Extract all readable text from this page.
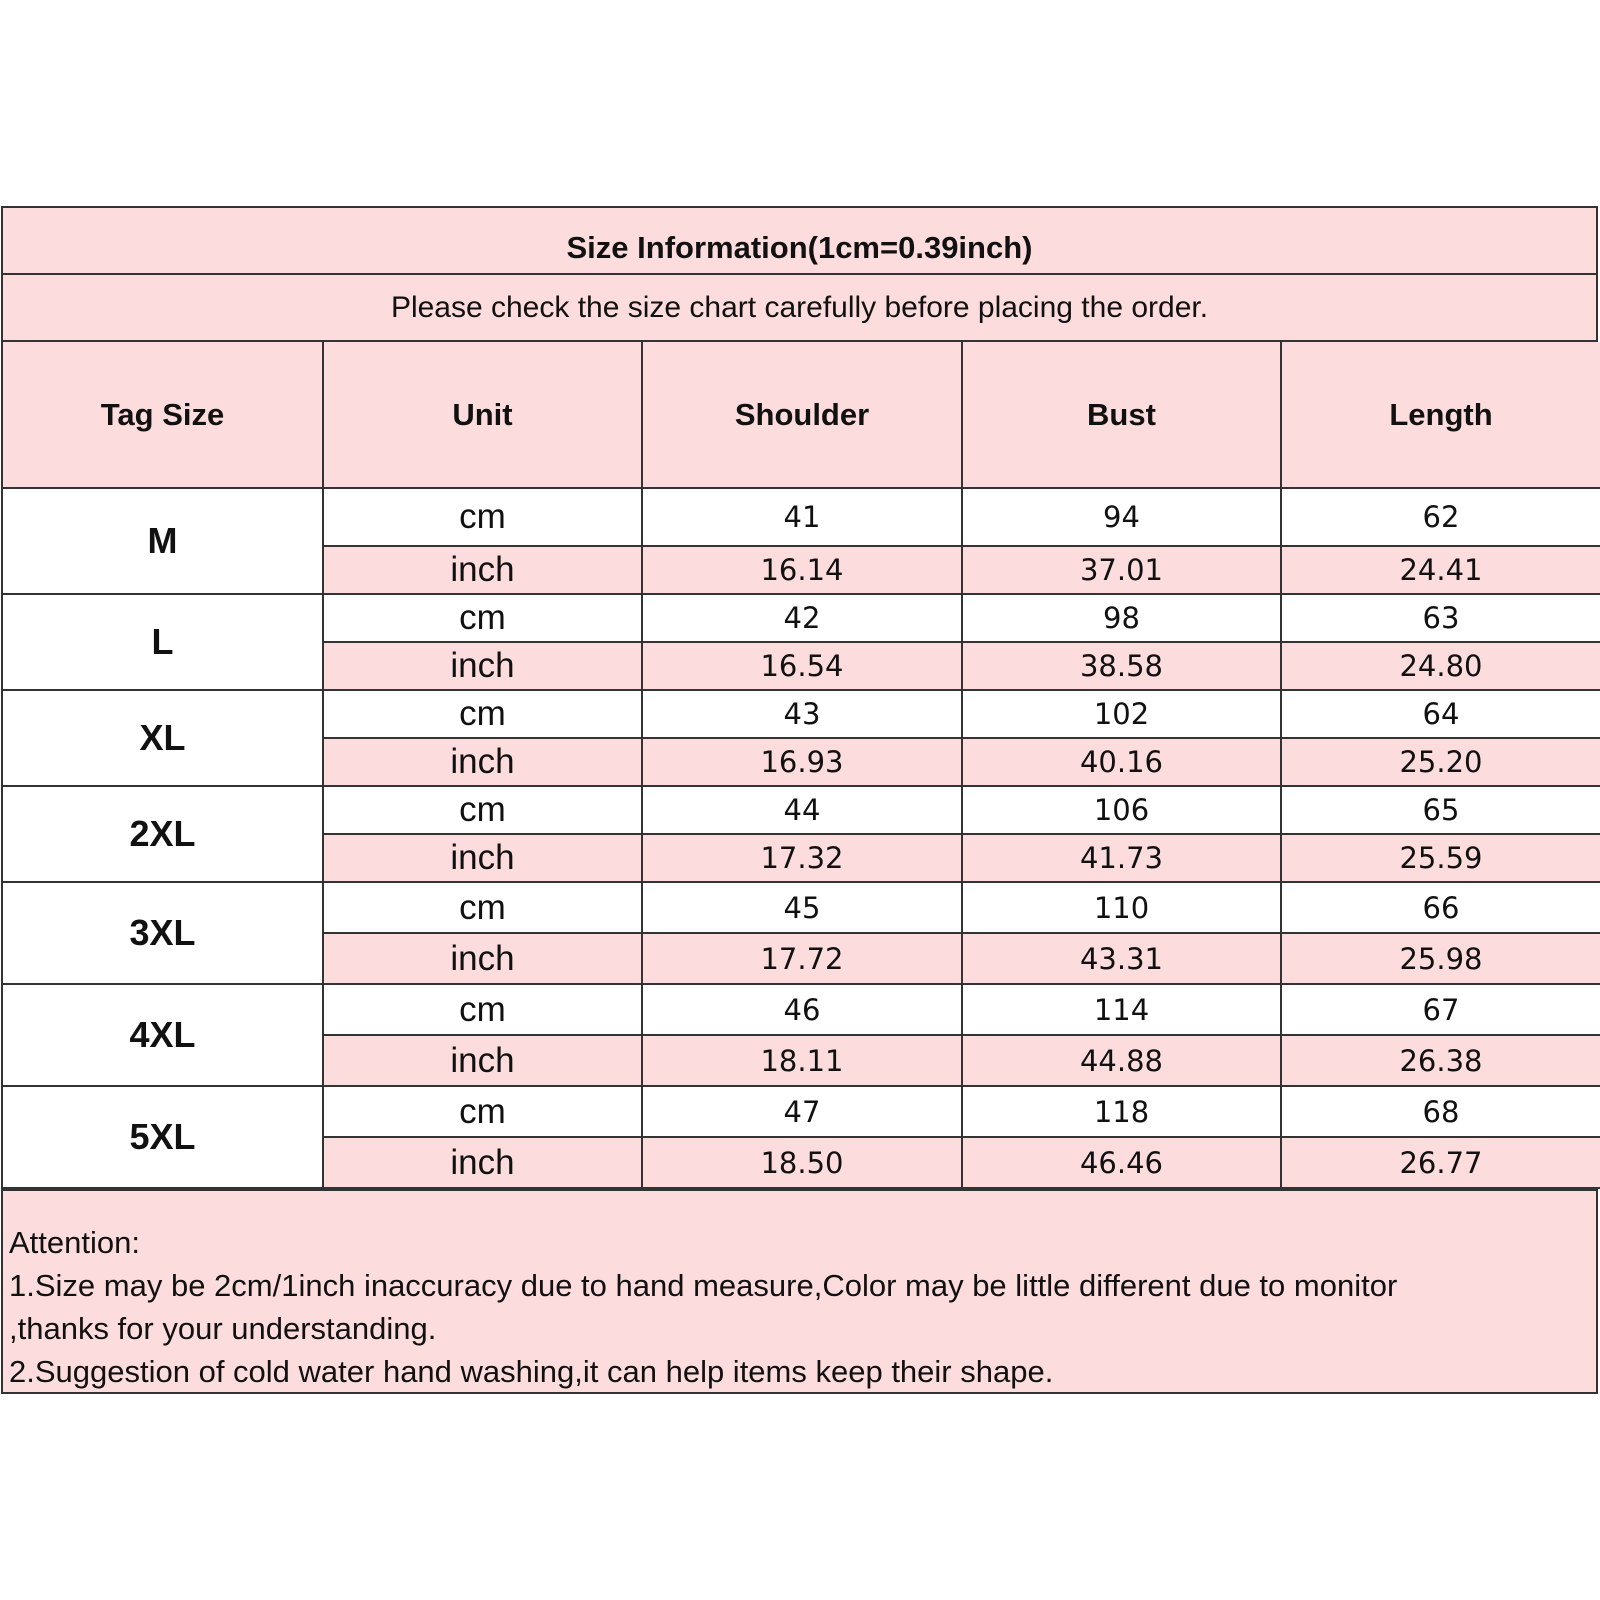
Size Information(1cm=0.39inch)
Please check the size chart carefully before placing the order.
Tag Size	Unit	Shoulder	Bust	Length
M	cm	41	94	62
	inch	16.14	37.01	24.41
L	cm	42	98	63
	inch	16.54	38.58	24.80
XL	cm	43	102	64
	inch	16.93	40.16	25.20
2XL	cm	44	106	65
	inch	17.32	41.73	25.59
3XL	cm	45	110	66
	inch	17.72	43.31	25.98
4XL	cm	46	114	67
	inch	18.11	44.88	26.38
5XL	cm	47	118	68
	inch	18.50	46.46	26.77
Attention:
1.Size may be 2cm/1inch inaccuracy due to hand measure,Color may be little different due to monitor
,thanks for your understanding.
2.Suggestion of cold water hand washing,it can help items keep their shape.
